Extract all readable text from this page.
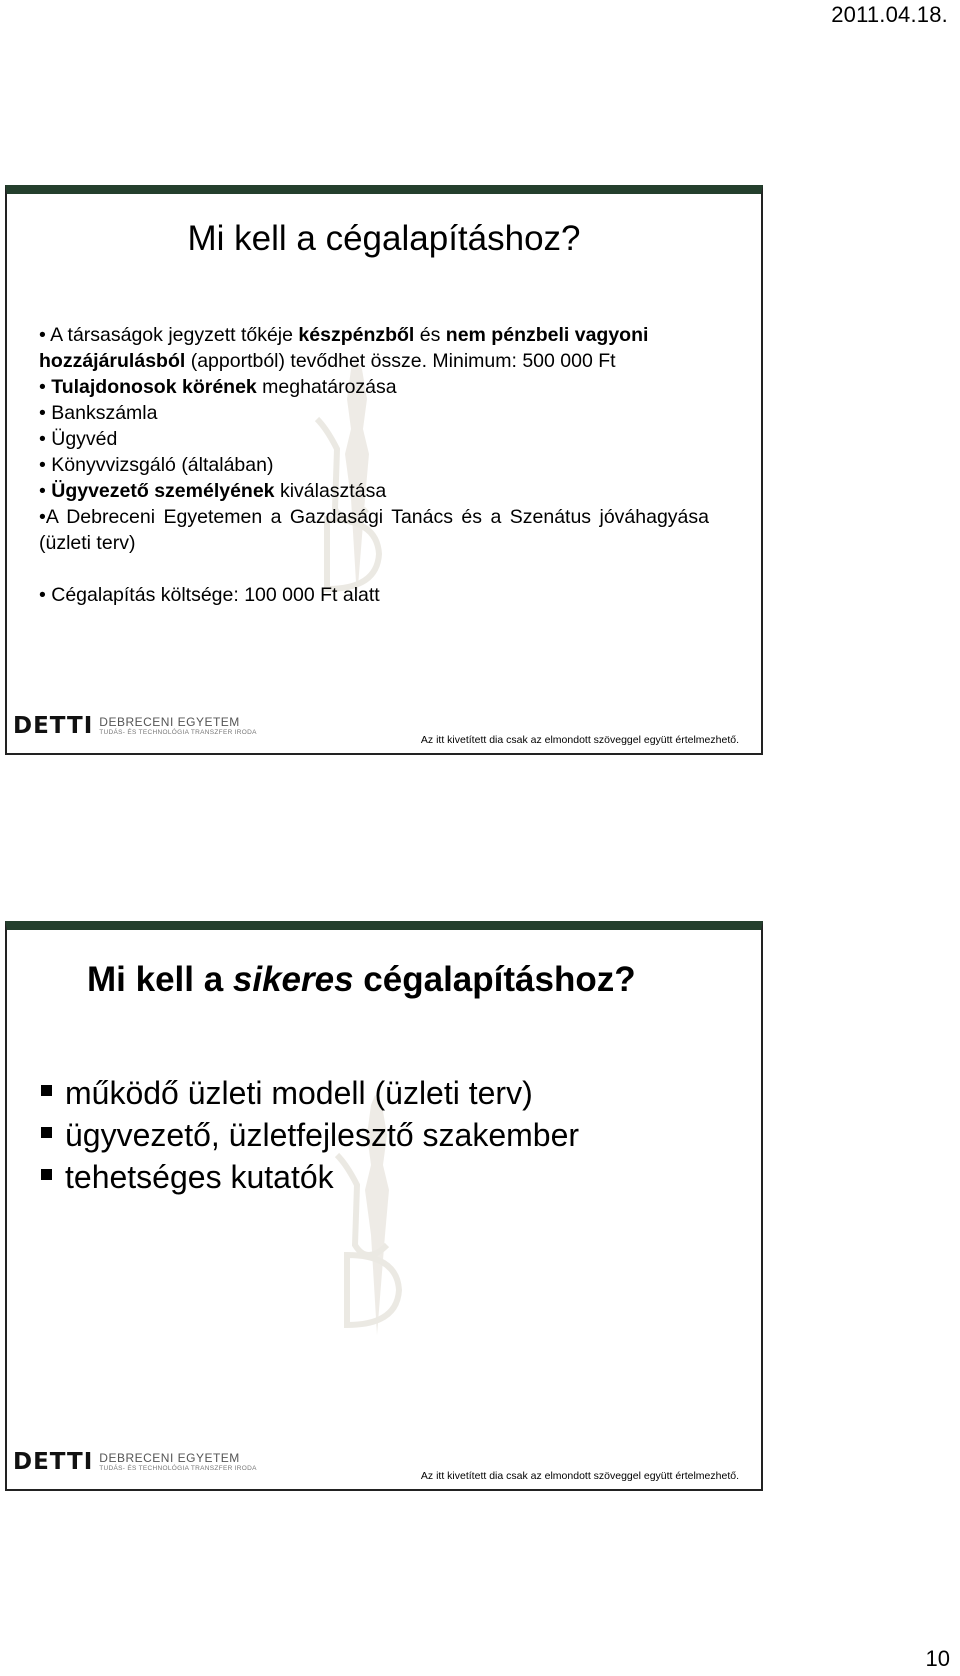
2011.04.18.
Mi kell a cégalapításhoz?

• A társaságok jegyzett tőkéje készpénzből és nem pénzbeli vagyoni hozzájárulásból (apportból) tevődhet össze. Minimum: 500 000 Ft

• Tulajdonosok körének meghatározása

• Bankszámla

• Ügyvéd

• Könyvvizsgáló (általában)

• Ügyvezető személyének kiválasztása

•A Debreceni Egyetemen a Gazdasági Tanács és a Szenátus jóváhagyása (üzleti terv)

• Cégalapítás költsége: 100 000 Ft alatt

DETTI DEBRECENI EGYETEM
TUDÁS- ÉS TECHNOLÓGIA TRANSZFER IRODA
Az itt kivetített dia csak az elmondott szöveggel együtt értelmezhető.
Mi kell a sikeres cégalapításhoz?
működő üzleti modell (üzleti terv)
ügyvezető, üzletfejlesztő szakember
tehetséges kutatók
DETTI DEBRECENI EGYETEM
TUDÁS- ÉS TECHNOLÓGIA TRANSZFER IRODA
Az itt kivetített dia csak az elmondott szöveggel együtt értelmezhető.
10
